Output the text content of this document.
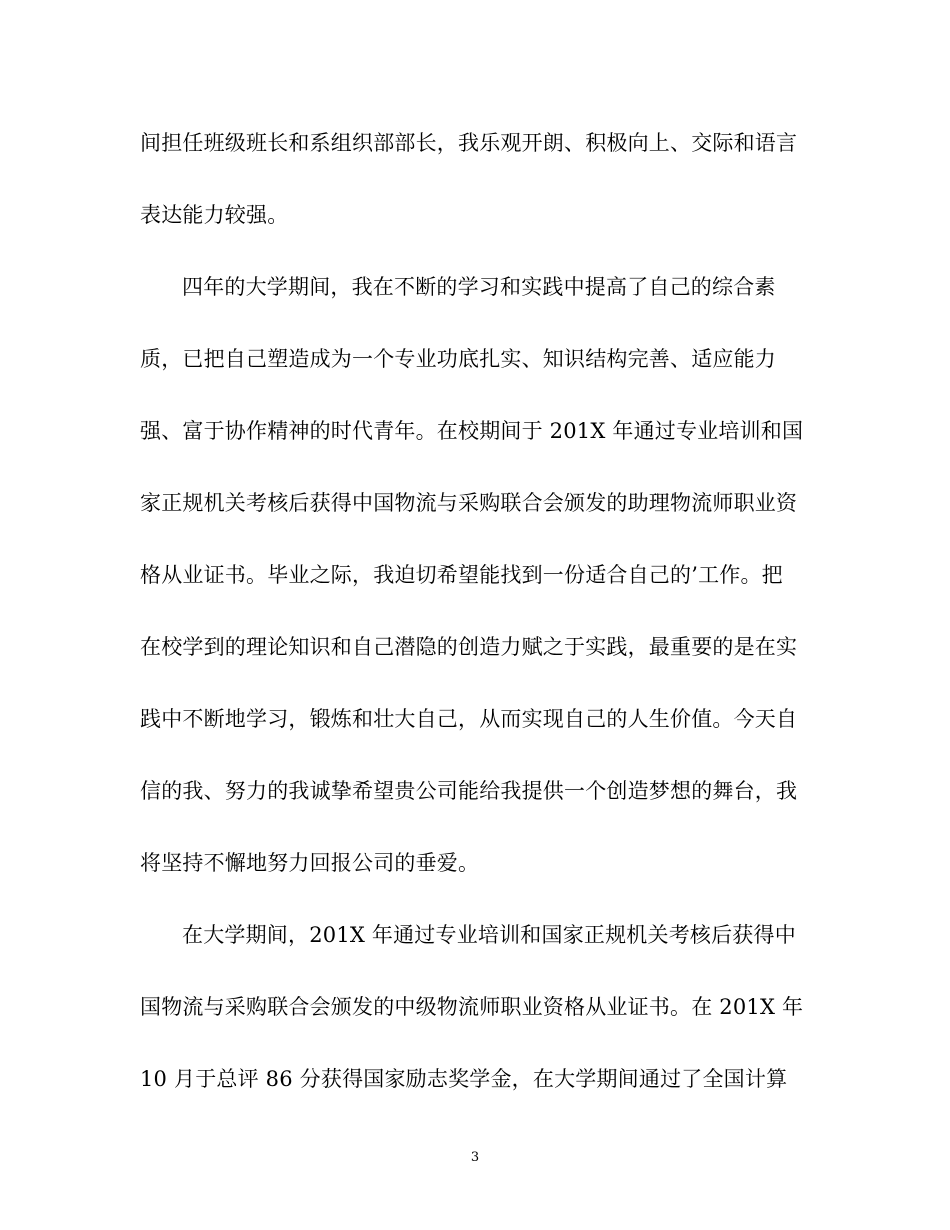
间担任班级班长和系组织部部长，我乐观开朗、积极向上、交际和语言
表达能力较强。
四年的大学期间，我在不断的学习和实践中提高了自己的综合素
质，已把自己塑造成为一个专业功底扎实、知识结构完善、适应能力
强、富于协作精神的时代青年。在校期间于 201X 年通过专业培训和国
家正规机关考核后获得中国物流与采购联合会颁发的助理物流师职业资
格从业证书。毕业之际，我迫切希望能找到一份适合自己的’工作。把
在校学到的理论知识和自己潜隐的创造力赋之于实践，最重要的是在实
践中不断地学习，锻炼和壮大自己，从而实现自己的人生价值。今天自
信的我、努力的我诚挚希望贵公司能给我提供一个创造梦想的舞台，我
将坚持不懈地努力回报公司的垂爱。
在大学期间，201X 年通过专业培训和国家正规机关考核后获得中
国物流与采购联合会颁发的中级物流师职业资格从业证书。在 201X 年
10 月于总评 86 分获得国家励志奖学金，在大学期间通过了全国计算
3
